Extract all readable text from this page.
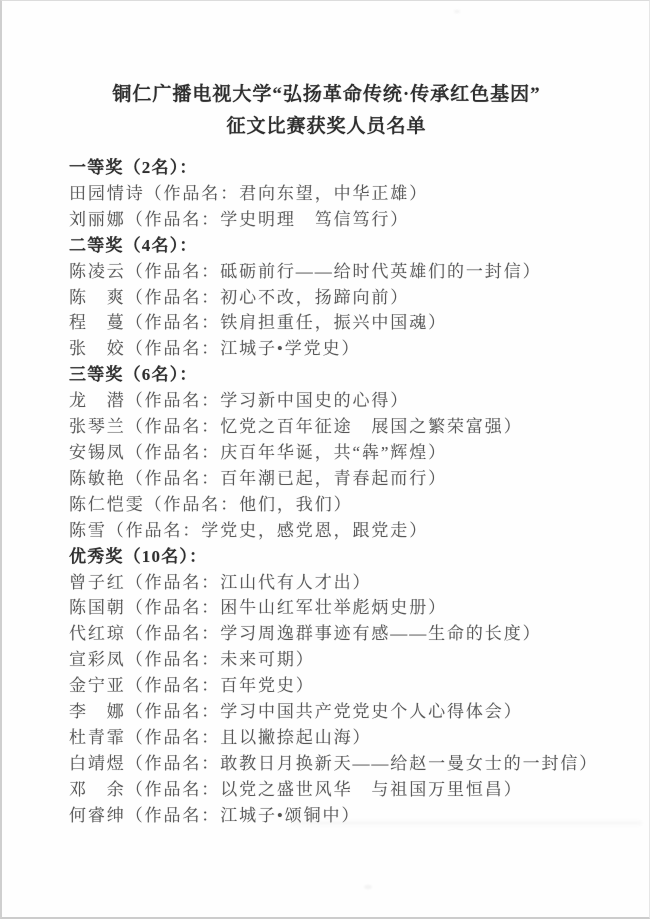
铜仁广播电视大学“弘扬革命传统·传承红色基因”
征文比赛获奖人员名单
一等奖（2名）：
田园情诗（作品名：君向东望，中华正雄）
刘丽娜（作品名：学史明理　笃信笃行）
二等奖（4名）：
陈凌云（作品名：砥砺前行——给时代英雄们的一封信）
陈　爽（作品名：初心不改，扬蹄向前）
程　蔓（作品名：铁肩担重任，振兴中国魂）
张　姣（作品名：江城子•学党史）
三等奖（6名）：
龙　潜（作品名：学习新中国史的心得）
张琴兰（作品名：忆党之百年征途　展国之繁荣富强）
安锡凤（作品名：庆百年华诞，共“犇”辉煌）
陈敏艳（作品名：百年潮已起，青春起而行）
陈仁恺雯（作品名：他们，我们）
陈雪（作品名：学党史，感党恩，跟党走）
优秀奖（10名）：
曾子红（作品名：江山代有人才出）
陈国朝（作品名：困牛山红军壮举彪炳史册）
代红琼（作品名：学习周逸群事迹有感——生命的长度）
宣彩凤（作品名：未来可期）
金宁亚（作品名：百年党史）
李　娜（作品名：学习中国共产党党史个人心得体会）
杜青霏（作品名：且以撇捺起山海）
白靖煜（作品名：敢教日月换新天——给赵一曼女士的一封信）
邓　余（作品名：以党之盛世风华　与祖国万里恒昌）
何睿绅（作品名：江城子•颂铜中）
